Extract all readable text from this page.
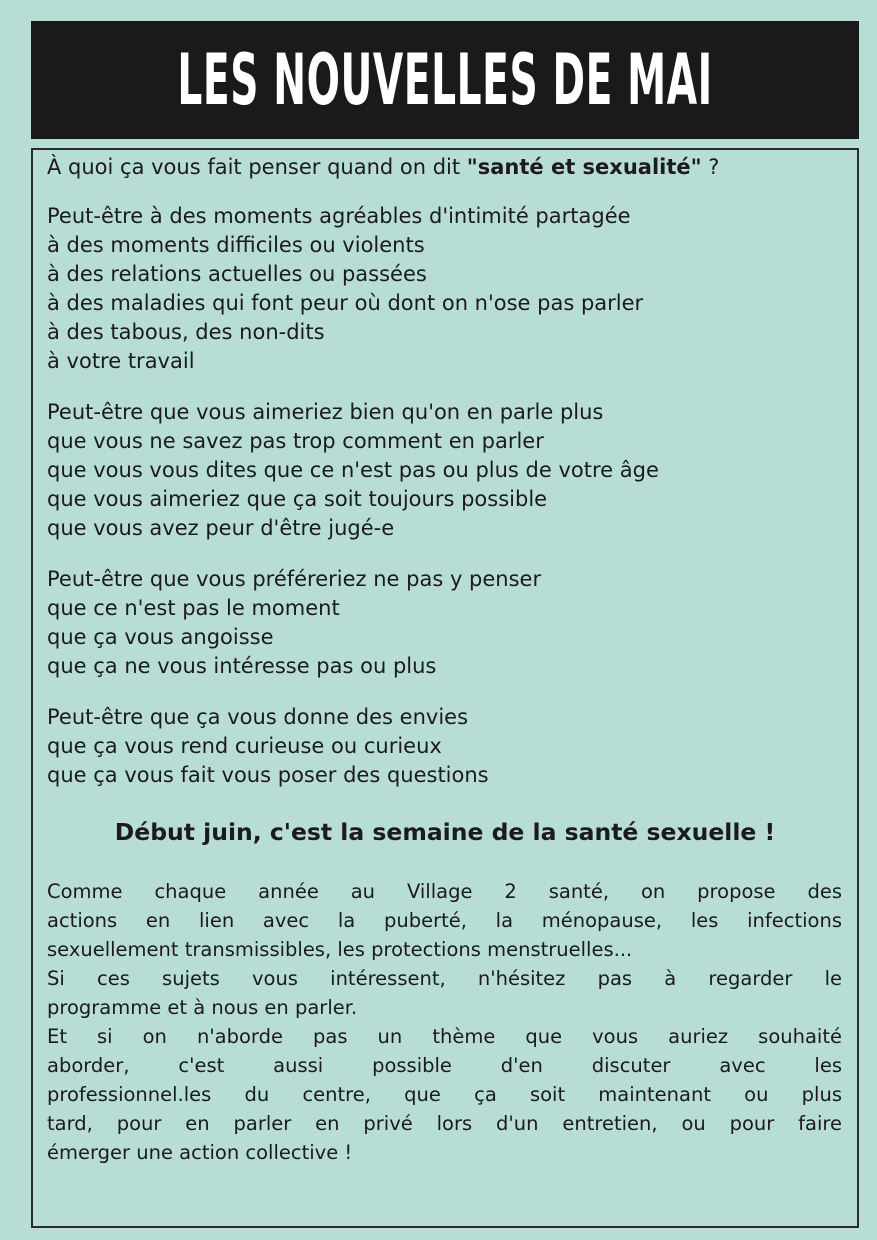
LES NOUVELLES DE MAI

À quoi ça vous fait penser quand on dit "santé et sexualité" ?

Peut-être à des moments agréables d'intimité partagée
à des moments difficiles ou violents
à des relations actuelles ou passées
à des maladies qui font peur où dont on n'ose pas parler
à des tabous, des non-dits
à votre travail

Peut-être que vous aimeriez bien qu'on en parle plus
que vous ne savez pas trop comment en parler
que vous vous dites que ce n'est pas ou plus de votre âge
que vous aimeriez que ça soit toujours possible
que vous avez peur d'être jugé-e

Peut-être que vous préféreriez ne pas y penser
que ce n'est pas le moment
que ça vous angoisse
que ça ne vous intéresse pas ou plus

Peut-être que ça vous donne des envies
que ça vous rend curieuse ou curieux
que ça vous fait vous poser des questions

Début juin, c'est la semaine de la santé sexuelle !

Comme chaque année au Village 2 santé, on propose des
actions en lien avec la puberté, la ménopause, les infections
sexuellement transmissibles, les protections menstruelles...
Si ces sujets vous intéressent, n'hésitez pas à regarder le
programme et à nous en parler.
Et si on n'aborde pas un thème que vous auriez souhaité
aborder, c'est aussi possible d'en discuter avec les
professionnel.les du centre, que ça soit maintenant ou plus
tard, pour en parler en privé lors d'un entretien, ou pour faire
émerger une action collective !
